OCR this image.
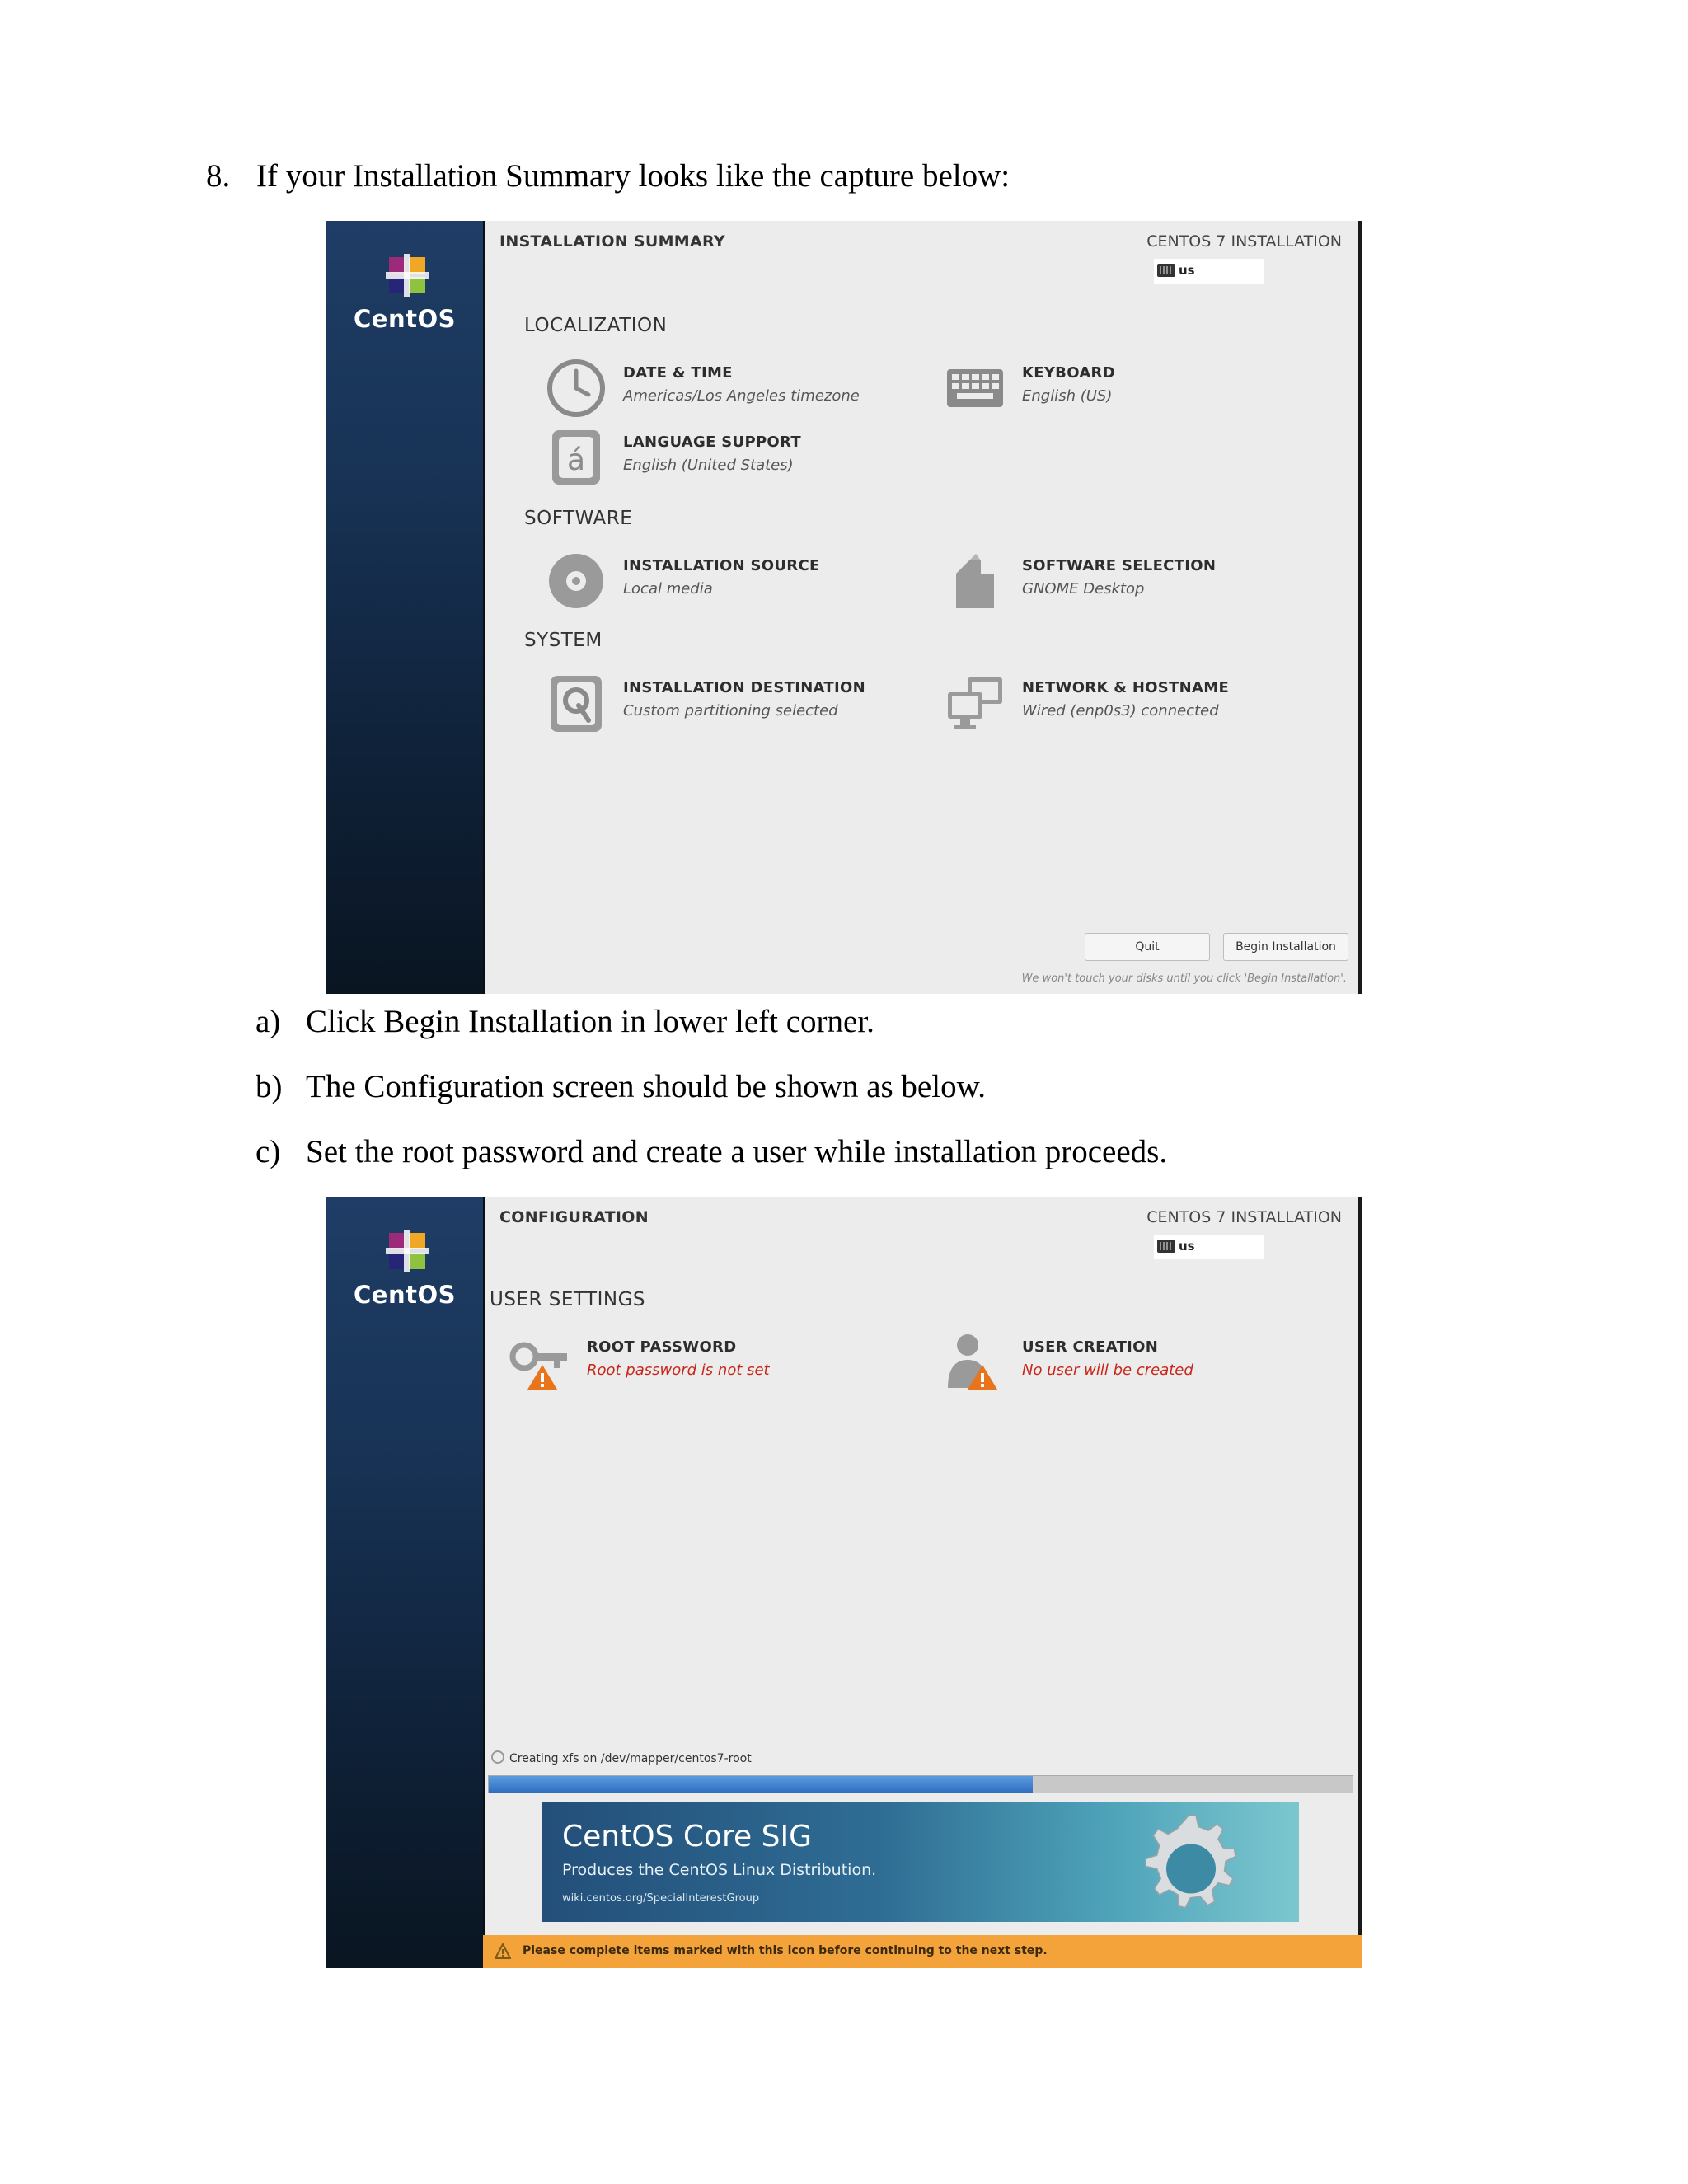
8. If your Installation Summary looks like the capture below:
CentOS
INSTALLATION SUMMARY	CENTOS 7 INSTALLATION
us
LOCALIZATION
DATE & TIME
Americas/Los Angeles timezone
KEYBOARD
English (US)
á
LANGUAGE SUPPORT
English (United States)
SOFTWARE
INSTALLATION SOURCE
Local media
SOFTWARE SELECTION
GNOME Desktop
SYSTEM
INSTALLATION DESTINATION
Custom partitioning selected
NETWORK & HOSTNAME
Wired (enp0s3) connected
Quit	Begin Installation
We won't touch your disks until you click 'Begin Installation'.
a) Click Begin Installation in lower left corner.
b) The Configuration screen should be shown as below.
c) Set the root password and create a user while installation proceeds.
CentOS
CONFIGURATION	CENTOS 7 INSTALLATION
us
USER SETTINGS
ROOT PASSWORD
Root password is not set
USER CREATION
No user will be created
Creating xfs on /dev/mapper/centos7-root
CentOS Core SIG
Produces the CentOS Linux Distribution.
wiki.centos.org/SpecialInterestGroup
Please complete items marked with this icon before continuing to the next step.
